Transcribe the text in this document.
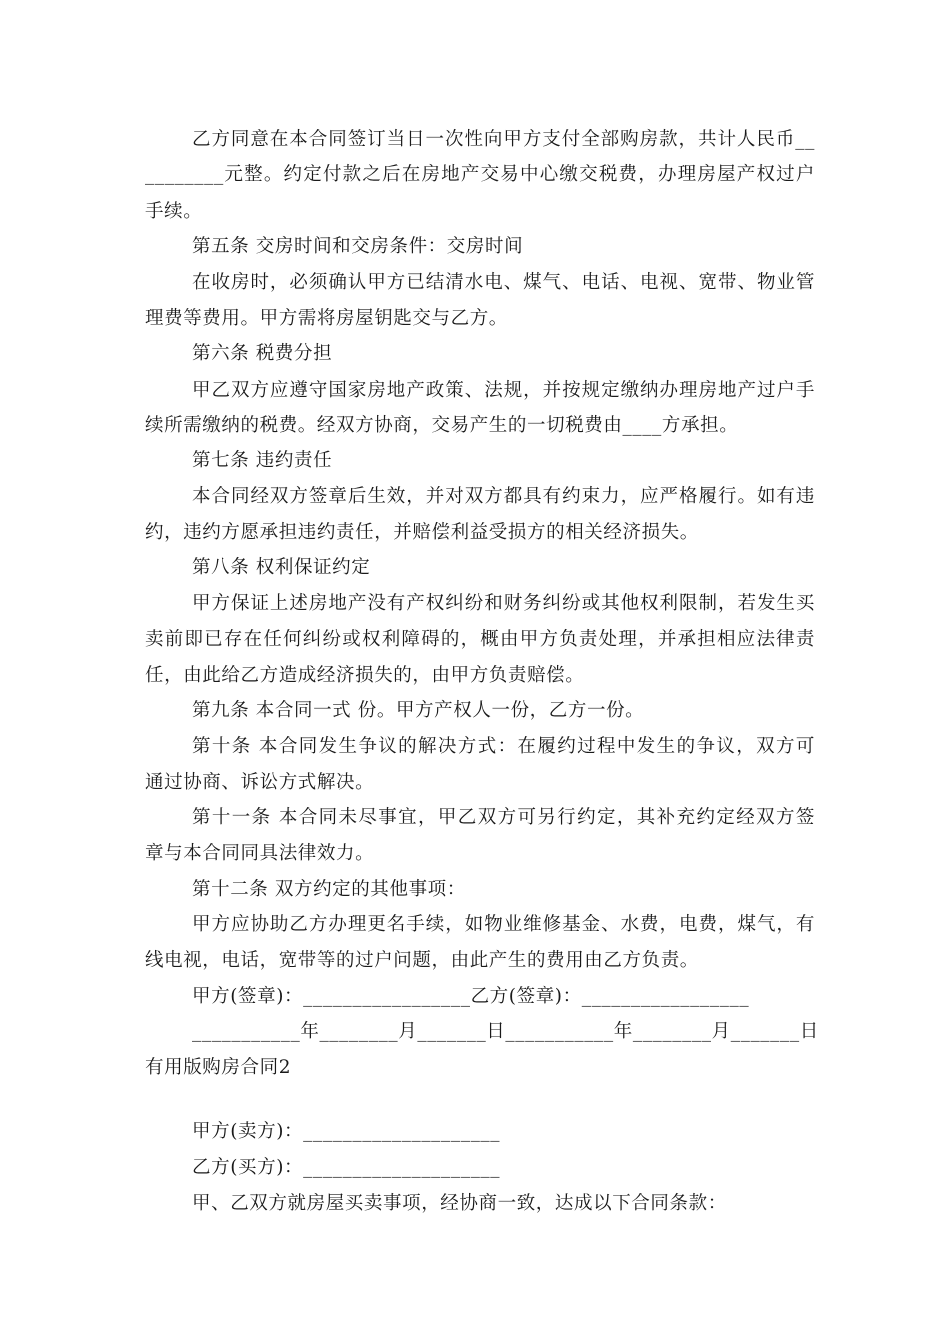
乙方同意在本合同签订当日一次性向甲方支付全部购房款，共计人民币__
________元整。约定付款之后在房地产交易中心缴交税费，办理房屋产权过户
手续。
第五条 交房时间和交房条件：交房时间
在收房时，必须确认甲方已结清水电、煤气、电话、电视、宽带、物业管
理费等费用。甲方需将房屋钥匙交与乙方。
第六条 税费分担
甲乙双方应遵守国家房地产政策、法规，并按规定缴纳办理房地产过户手
续所需缴纳的税费。经双方协商，交易产生的一切税费由____方承担。
第七条 违约责任
本合同经双方签章后生效，并对双方都具有约束力，应严格履行。如有违
约，违约方愿承担违约责任，并赔偿利益受损方的相关经济损失。
第八条 权利保证约定
甲方保证上述房地产没有产权纠纷和财务纠纷或其他权利限制，若发生买
卖前即已存在任何纠纷或权利障碍的，概由甲方负责处理，并承担相应法律责
任，由此给乙方造成经济损失的，由甲方负责赔偿。
第九条 本合同一式 份。甲方产权人一份，乙方一份。
第十条 本合同发生争议的解决方式：在履约过程中发生的争议，双方可
通过协商、诉讼方式解决。
第十一条 本合同未尽事宜，甲乙双方可另行约定，其补充约定经双方签
章与本合同同具法律效力。
第十二条 双方约定的其他事项：
甲方应协助乙方办理更名手续，如物业维修基金、水费，电费，煤气，有
线电视，电话，宽带等的过户问题，由此产生的费用由乙方负责。
甲方(签章)：_________________乙方(签章)：_________________
___________年________月_______日___________年________月_______日
有用版购房合同2
甲方(卖方)：____________________
乙方(买方)：____________________
甲、乙双方就房屋买卖事项，经协商一致，达成以下合同条款：
